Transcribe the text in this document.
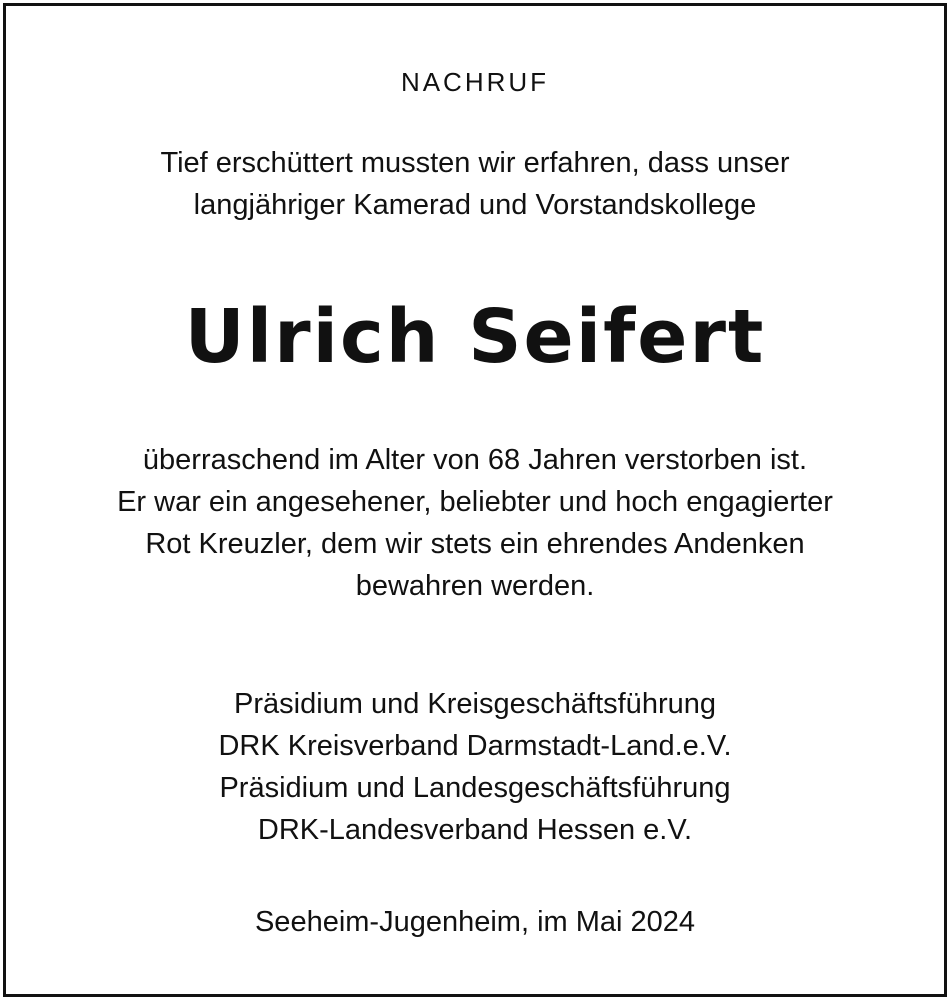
NACHRUF
Tief erschüttert mussten wir erfahren, dass unser
langjähriger Kamerad und Vorstandskollege
Ulrich Seifert
überraschend im Alter von 68 Jahren verstorben ist.
Er war ein angesehener, beliebter und hoch engagierter
Rot Kreuzler, dem wir stets ein ehrendes Andenken
bewahren werden.
Präsidium und Kreisgeschäftsführung
DRK Kreisverband Darmstadt-Land.e.V.
Präsidium und Landesgeschäftsführung
DRK-Landesverband Hessen e.V.
Seeheim-Jugenheim, im Mai 2024
